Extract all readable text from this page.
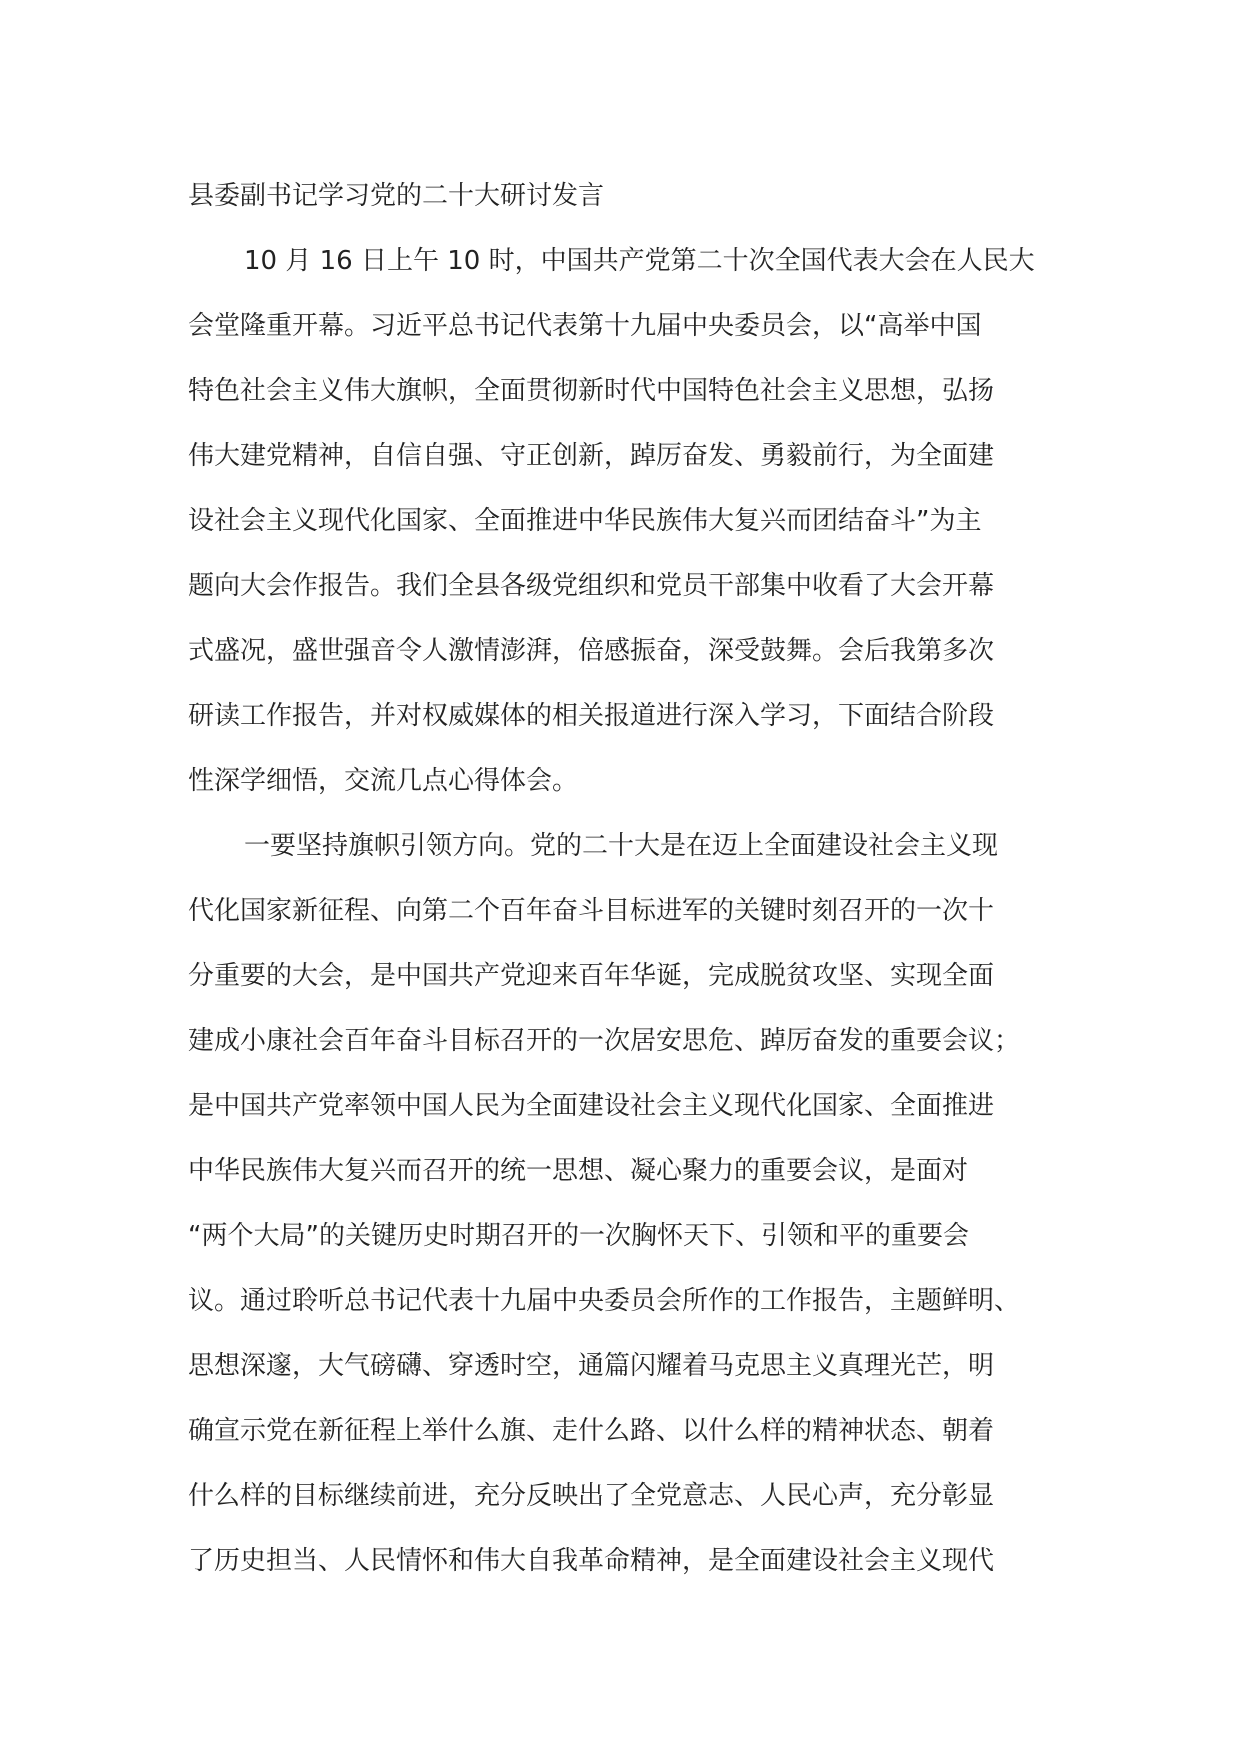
县委副书记学习党的二十大研讨发言

10 月 16 日上午 10 时，中国共产党第二十次全国代表大会在人民大

会堂隆重开幕。习近平总书记代表第十九届中央委员会，以“高举中国

特色社会主义伟大旗帜，全面贯彻新时代中国特色社会主义思想，弘扬

伟大建党精神，自信自强、守正创新，踔厉奋发、勇毅前行，为全面建

设社会主义现代化国家、全面推进中华民族伟大复兴而团结奋斗”为主

题向大会作报告。我们全县各级党组织和党员干部集中收看了大会开幕

式盛况，盛世强音令人激情澎湃，倍感振奋，深受鼓舞。会后我第多次

研读工作报告，并对权威媒体的相关报道进行深入学习，下面结合阶段

性深学细悟，交流几点心得体会。

一要坚持旗帜引领方向。党的二十大是在迈上全面建设社会主义现

代化国家新征程、向第二个百年奋斗目标进军的关键时刻召开的一次十

分重要的大会，是中国共产党迎来百年华诞，完成脱贫攻坚、实现全面

建成小康社会百年奋斗目标召开的一次居安思危、踔厉奋发的重要会议；

是中国共产党率领中国人民为全面建设社会主义现代化国家、全面推进

中华民族伟大复兴而召开的统一思想、凝心聚力的重要会议，是面对

“两个大局”的关键历史时期召开的一次胸怀天下、引领和平的重要会

议。通过聆听总书记代表十九届中央委员会所作的工作报告，主题鲜明、

思想深邃，大气磅礴、穿透时空，通篇闪耀着马克思主义真理光芒，明

确宣示党在新征程上举什么旗、走什么路、以什么样的精神状态、朝着

什么样的目标继续前进，充分反映出了全党意志、人民心声，充分彰显

了历史担当、人民情怀和伟大自我革命精神，是全面建设社会主义现代
